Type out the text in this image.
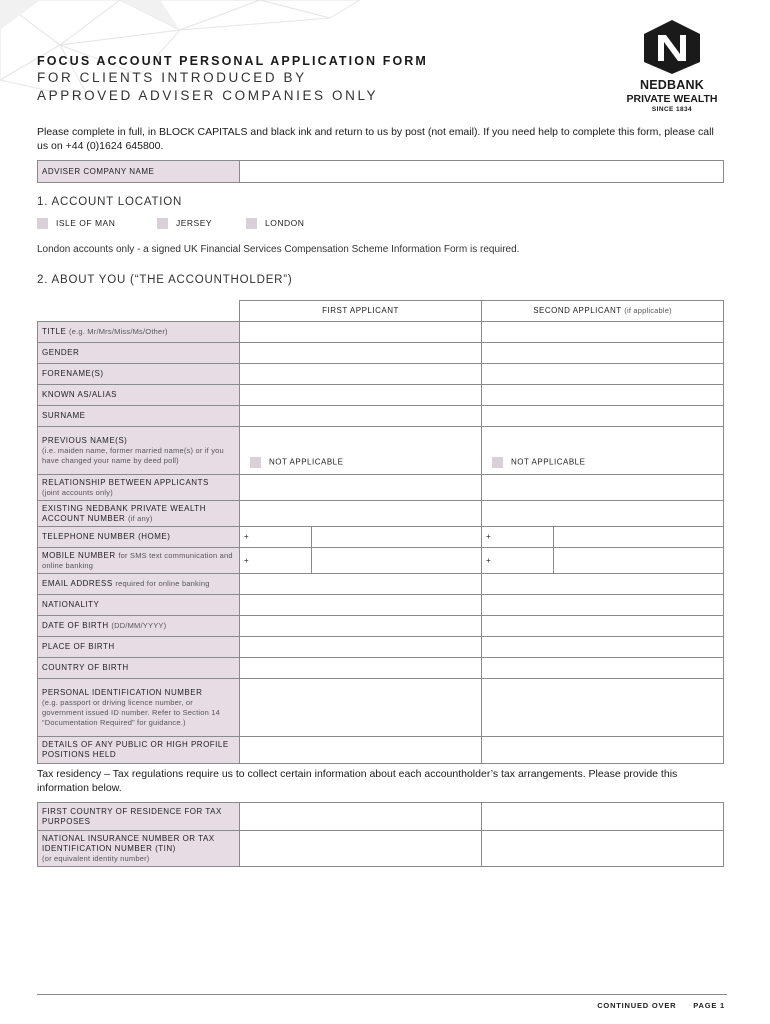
FOCUS ACCOUNT PERSONAL APPLICATION FORM
FOR CLIENTS INTRODUCED BY
APPROVED ADVISER COMPANIES ONLY
NEDBANK
PRIVATE WEALTH
SINCE 1834
Please complete in full, in BLOCK CAPITALS and black ink and return to us by post (not email). If you need help to complete this form, please call us on +44 (0)1624 645800.
ADVISER COMPANY NAME	
1. ACCOUNT LOCATION
ISLE OF MAN	JERSEY	LONDON
London accounts only - a signed UK Financial Services Compensation Scheme Information Form is required.
2. ABOUT YOU (“THE ACCOUNTHOLDER”)
	FIRST APPLICANT		SECOND APPLICANT (if applicable)	
TITLE (e.g. Mr/Mrs/Miss/Ms/Other)				
GENDER				
FORENAME(S)				
KNOWN AS/ALIAS				
SURNAME				

PREVIOUS NAME(S)
(i.e. maiden name, former married name(s) or if you have changed your name by deed poll)	NOT APPLICABLE		NOT APPLICABLE	

RELATIONSHIP BETWEEN APPLICANTS
(joint accounts only)				

EXISTING NEDBANK PRIVATE WEALTH ACCOUNT NUMBER (if any)				
TELEPHONE NUMBER (HOME)	+		+	
MOBILE NUMBER for SMS text communication and online banking	+		+	
EMAIL ADDRESS required for online banking				
NATIONALITY				
DATE OF BIRTH (DD/MM/YYYY)				
PLACE OF BIRTH				
COUNTRY OF BIRTH				

PERSONAL IDENTIFICATION NUMBER
(e.g. passport or driving licence number, or government issued ID number. Refer to Section 14 “Documentation Required” for guidance.)				

DETAILS OF ANY PUBLIC OR HIGH PROFILE POSITIONS HELD				
Tax residency – Tax regulations require us to collect certain information about each accountholder’s tax arrangements. Please provide this information below.
FIRST COUNTRY OF RESIDENCE FOR TAX PURPOSES		

NATIONAL INSURANCE NUMBER OR TAX IDENTIFICATION NUMBER (TIN)
(or equivalent identity number)		

CONTINUED OVER PAGE 1
